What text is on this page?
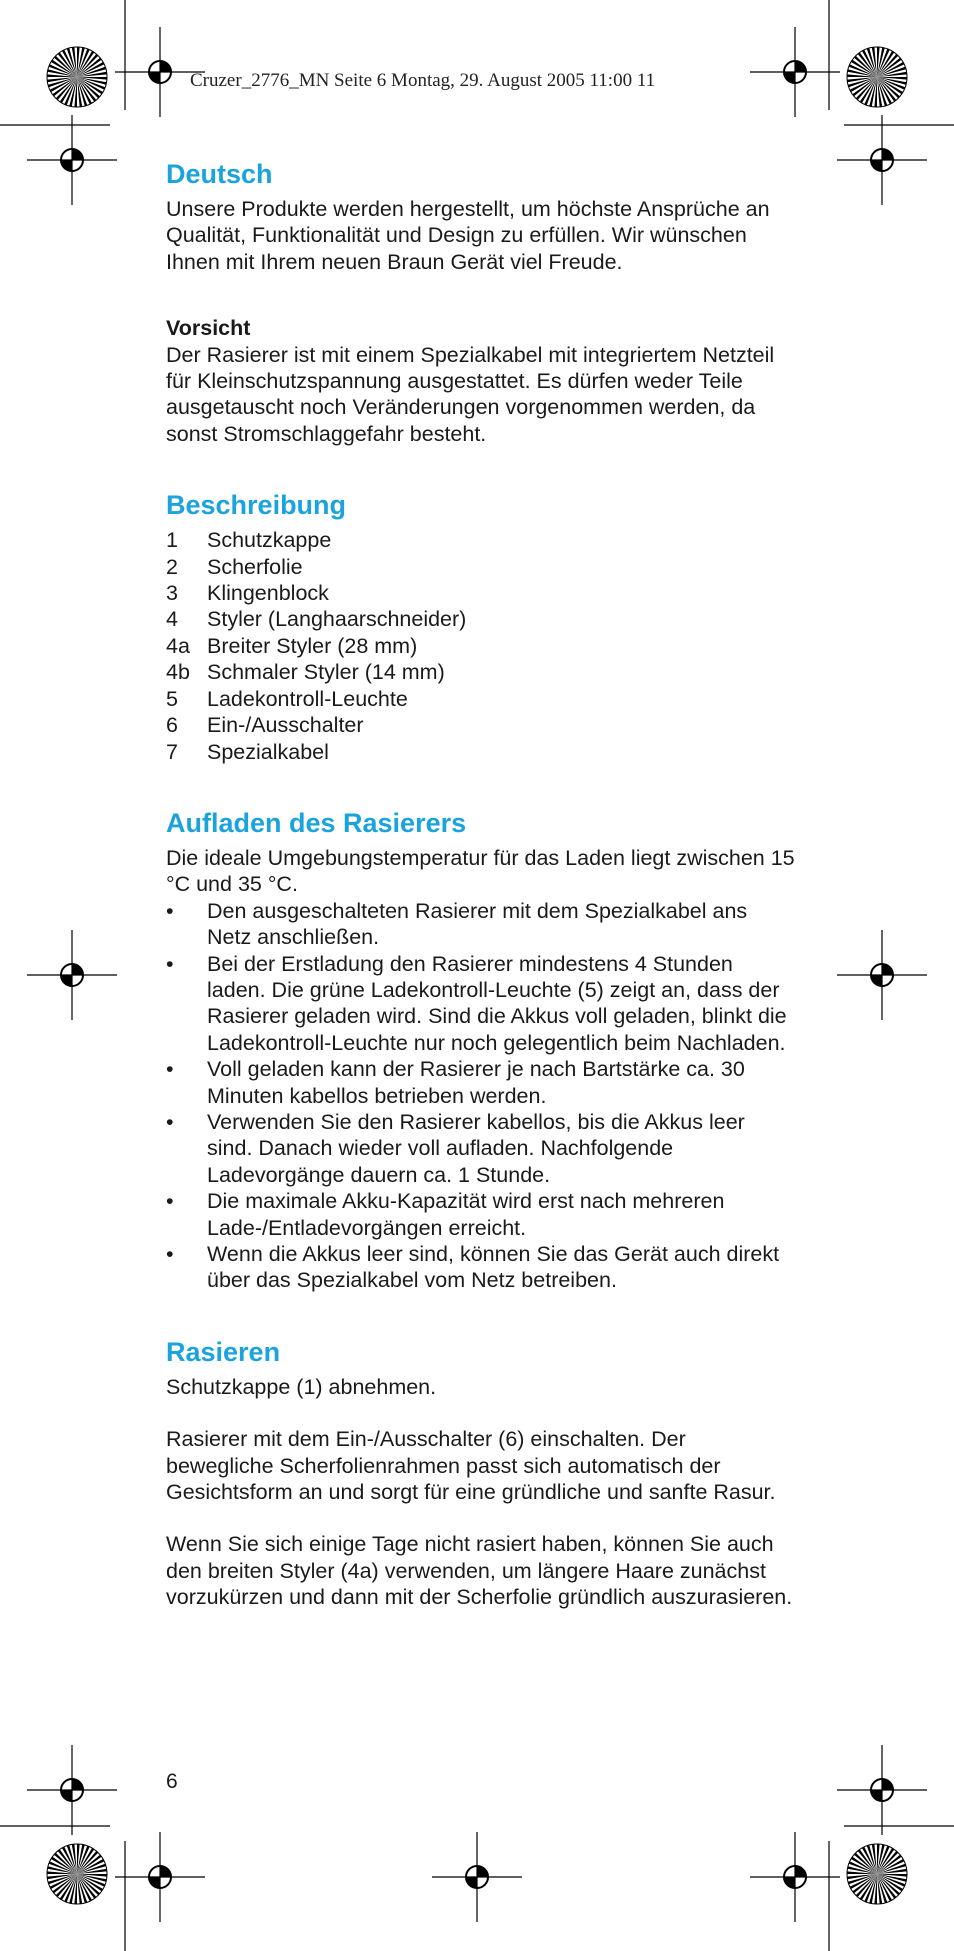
Cruzer_2776_MN Seite 6 Montag, 29. August 2005 11:00 11
Deutsch

Unsere Produkte werden hergestellt, um höchste Ansprüche an Qualität, Funktionalität und Design zu erfüllen. Wir wünschen Ihnen mit Ihrem neuen Braun Gerät viel Freude.

Vorsicht

Der Rasierer ist mit einem Spezialkabel mit integriertem Netzteil für Kleinschutzspannung ausgestattet. Es dürfen weder Teile ausgetauscht noch Veränderungen vorgenommen werden, da sonst Stromschlaggefahr besteht.

Beschreibung
1	Schutzkappe
2	Scherfolie
3	Klingenblock
4	Styler (Langhaarschneider)
4a Breiter Styler (28 mm)
4b Schmaler Styler (14 mm)
5	Ladekontroll-Leuchte
6	Ein-/Ausschalter
7	Spezialkabel
Aufladen des Rasierers

Die ideale Umgebungstemperatur für das Laden liegt zwischen 15 °C und 35 °C.

•	Den ausgeschalteten Rasierer mit dem Spezialkabel ans Netz anschließen.
•	Bei der Erstladung den Rasierer mindestens 4 Stunden laden. Die grüne Ladekontroll-Leuchte (5) zeigt an, dass der Rasierer geladen wird. Sind die Akkus voll geladen, blinkt die Ladekontroll-Leuchte nur noch gelegentlich beim Nachladen.
•	Voll geladen kann der Rasierer je nach Bartstärke ca. 30 Minuten kabellos betrieben werden.
•	Verwenden Sie den Rasierer kabellos, bis die Akkus leer sind. Danach wieder voll aufladen. Nachfolgende Ladevorgänge dauern ca. 1 Stunde.
•	Die maximale Akku-Kapazität wird erst nach mehreren Lade-/Entladevorgängen erreicht.
•	Wenn die Akkus leer sind, können Sie das Gerät auch direkt über das Spezialkabel vom Netz betreiben.
Rasieren

Schutzkappe (1) abnehmen.

Rasierer mit dem Ein-/Ausschalter (6) einschalten. Der bewegliche Scherfolienrahmen passt sich automatisch der Gesichtsform an und sorgt für eine gründliche und sanfte Rasur.

Wenn Sie sich einige Tage nicht rasiert haben, können Sie auch den breiten Styler (4a) verwenden, um längere Haare zunächst vorzukürzen und dann mit der Scherfolie gründlich auszurasieren.

6
